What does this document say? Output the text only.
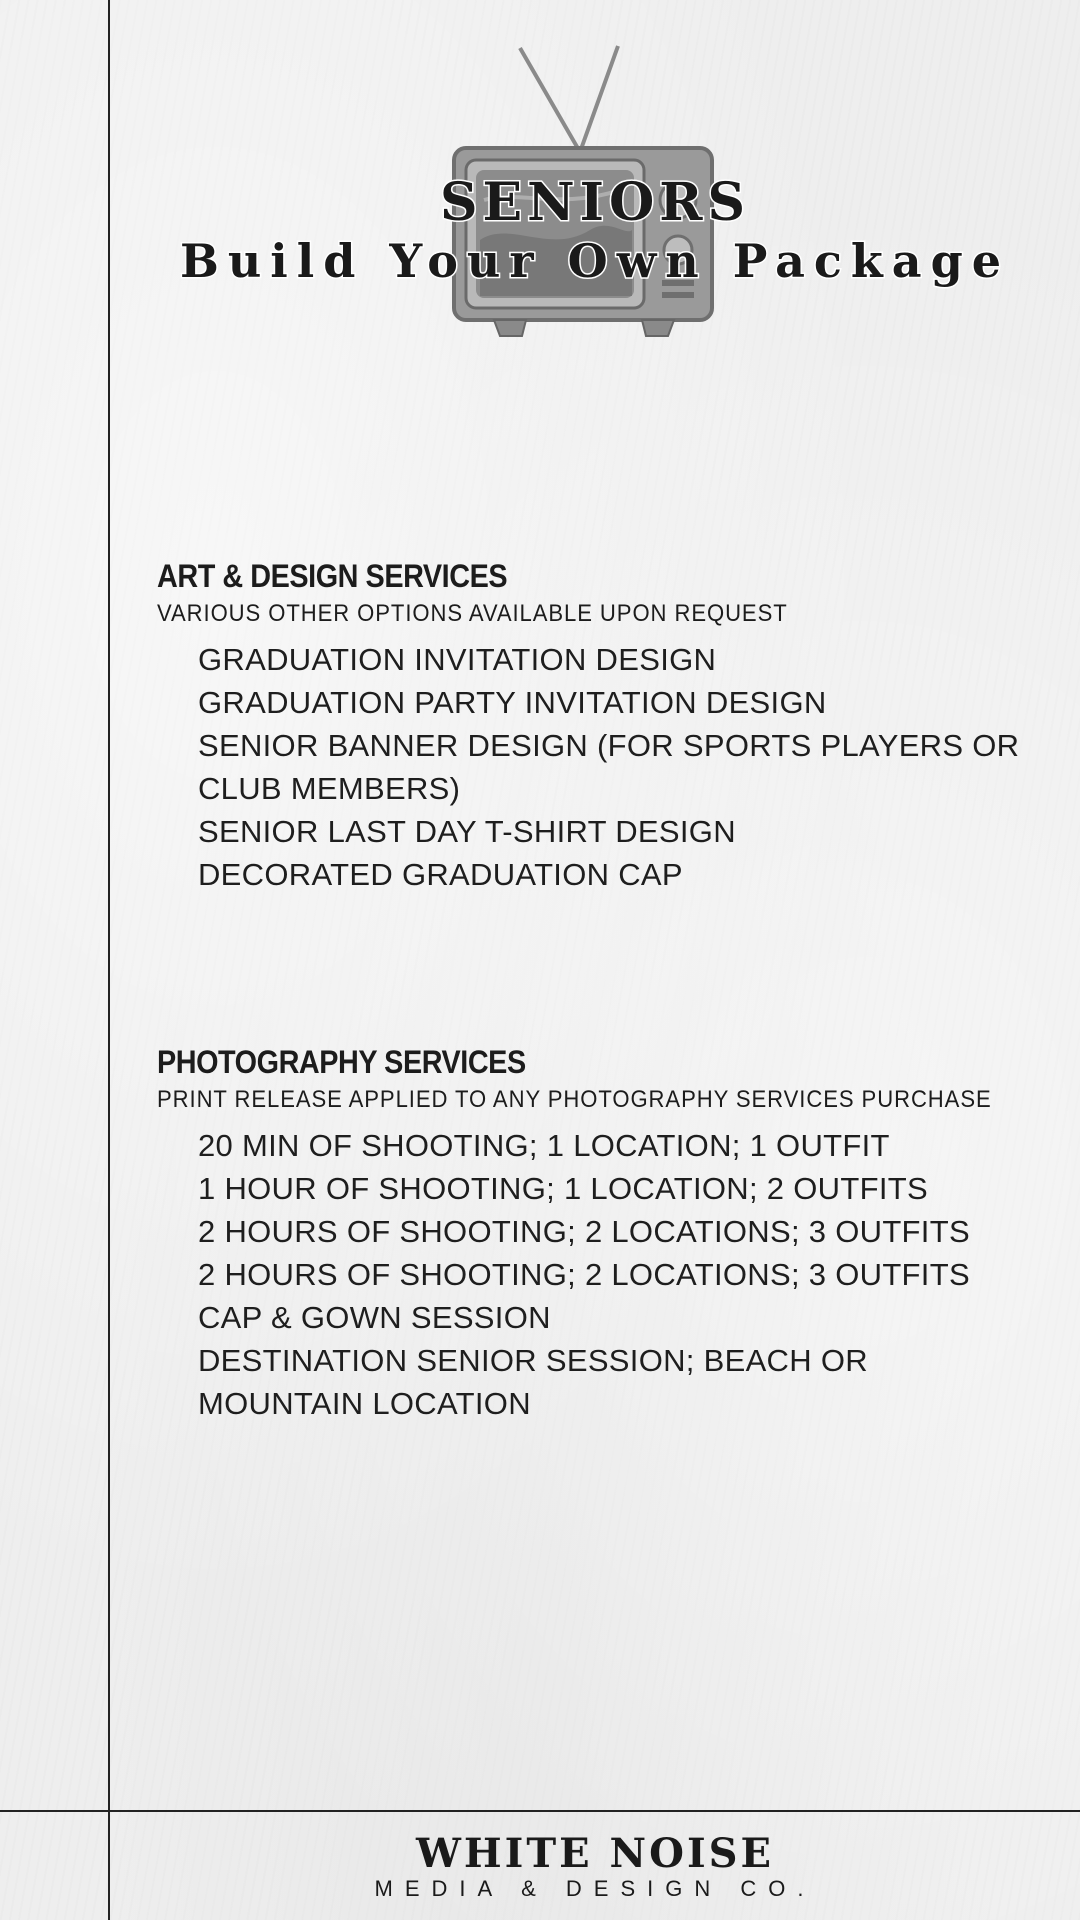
SENIORS
Build Your Own Package
ART & DESIGN SERVICES
VARIOUS OTHER OPTIONS AVAILABLE UPON REQUEST
GRADUATION INVITATION DESIGN
GRADUATION PARTY INVITATION DESIGN
SENIOR BANNER DESIGN (FOR SPORTS PLAYERS OR CLUB MEMBERS)
SENIOR LAST DAY T-SHIRT DESIGN
DECORATED GRADUATION CAP
PHOTOGRAPHY SERVICES
PRINT RELEASE APPLIED TO ANY PHOTOGRAPHY SERVICES PURCHASE
20 MIN OF SHOOTING; 1 LOCATION; 1 OUTFIT
1 HOUR OF SHOOTING; 1 LOCATION; 2 OUTFITS
2 HOURS OF SHOOTING; 2 LOCATIONS; 3 OUTFITS
2 HOURS OF SHOOTING; 2 LOCATIONS; 3 OUTFITS
CAP & GOWN SESSION
DESTINATION SENIOR SESSION; BEACH OR MOUNTAIN LOCATION
WHITE NOISE
MEDIA & DESIGN CO.
